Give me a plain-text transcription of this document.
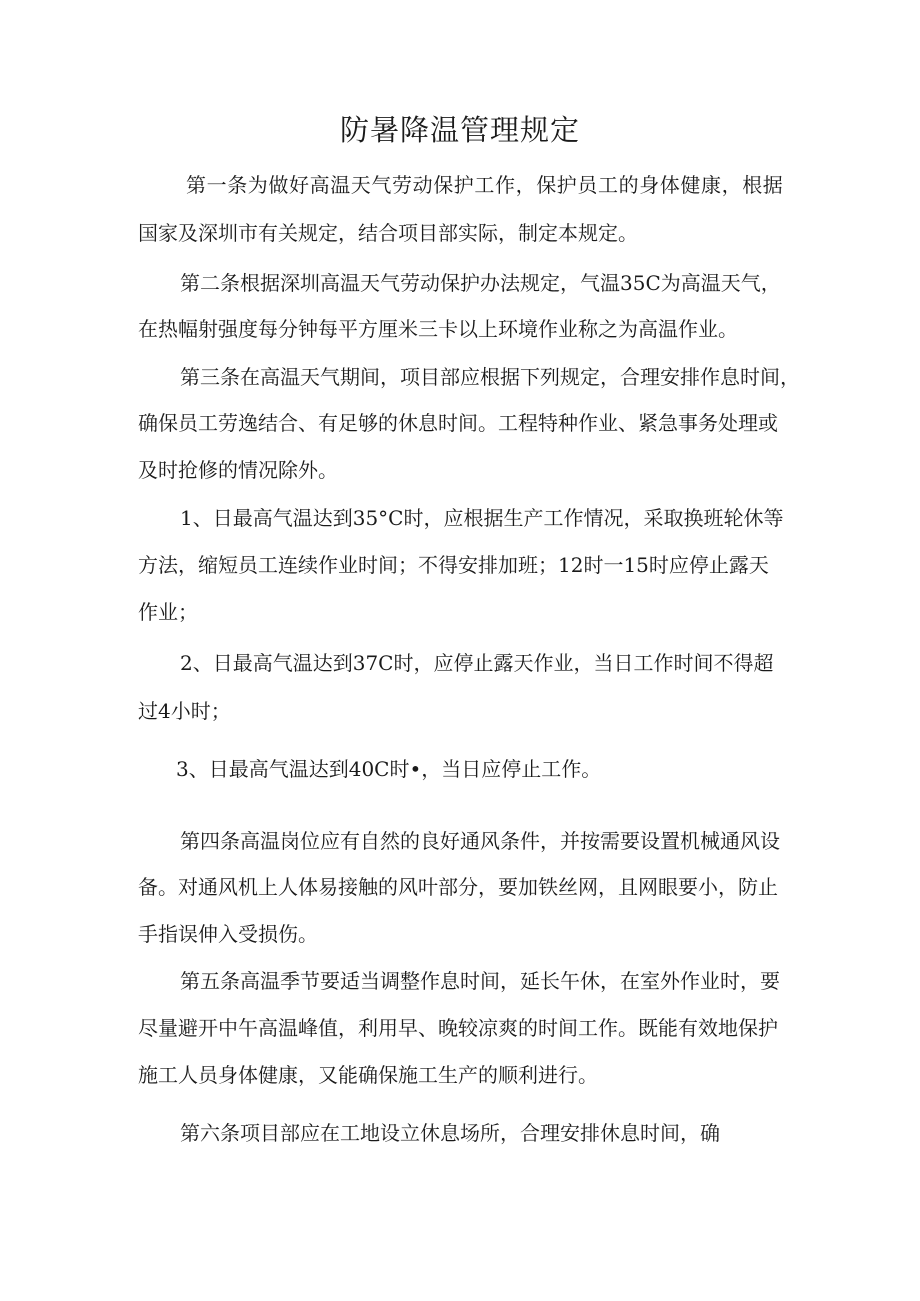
防暑降温管理规定
第一条为做好高温天气劳动保护工作，保护员工的身体健康，根据
国家及深圳市有关规定，结合项目部实际，制定本规定。
第二条根据深圳高温天气劳动保护办法规定，气温35C为高温天气，
在热幅射强度每分钟每平方厘米三卡以上环境作业称之为高温作业。
第三条在高温天气期间，项目部应根据下列规定，合理安排作息时间，
确保员工劳逸结合、有足够的休息时间。工程特种作业、紧急事务处理或
及时抢修的情况除外。
1、日最高气温达到35°C时，应根据生产工作情况，采取换班轮休等
方法，缩短员工连续作业时间；不得安排加班；12时一15时应停止露天
作业；
2、日最高气温达到37C时，应停止露天作业，当日工作时间不得超
过4小时；
3、日最高气温达到40C时•，当日应停止工作。
第四条高温岗位应有自然的良好通风条件，并按需要设置机械通风设
备。对通风机上人体易接触的风叶部分，要加铁丝网，且网眼要小，防止
手指误伸入受损伤。
第五条高温季节要适当调整作息时间，延长午休，在室外作业时，要
尽量避开中午高温峰值，利用早、晚较凉爽的时间工作。既能有效地保护
施工人员身体健康，又能确保施工生产的顺利进行。
第六条项目部应在工地设立休息场所，合理安排休息时间，确
